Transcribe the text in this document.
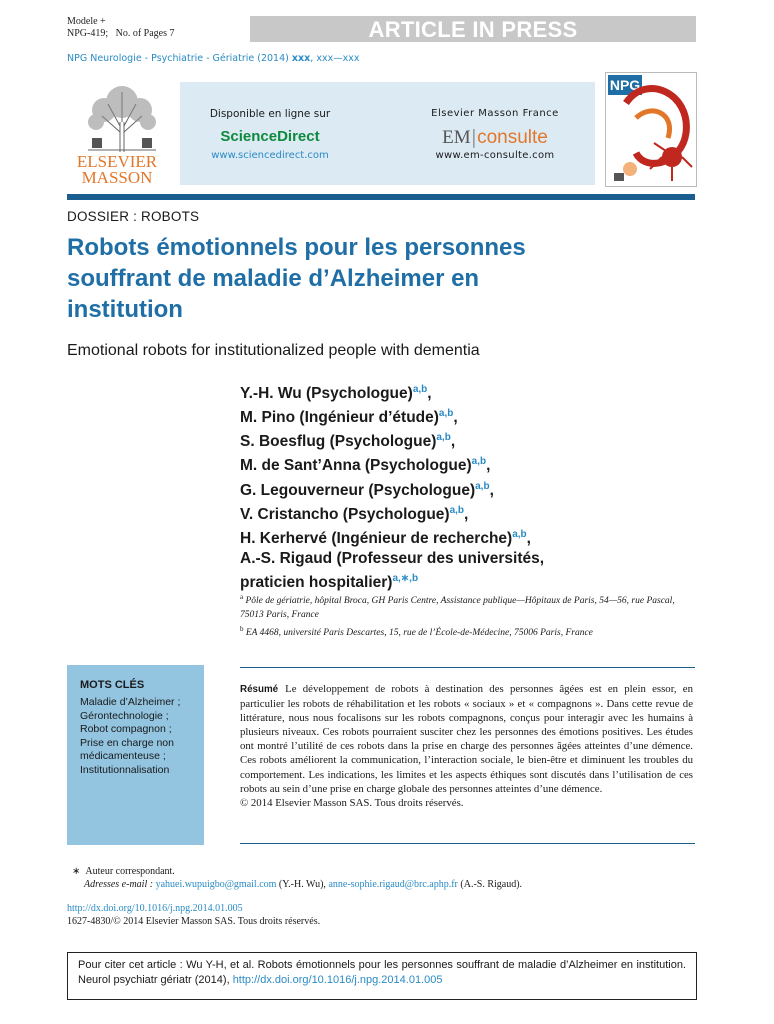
Modele +
NPG-419; No. of Pages 7	ARTICLE IN PRESS
NPG Neurologie - Psychiatrie - Gériatrie (2014) xxx, xxx—xxx
ELSEVIER
MASSON
Disponible en ligne sur
ScienceDirect
www.sciencedirect.com
Elsevier Masson France
EM|consulte
www.em-consulte.com
NPG
DOSSIER : ROBOTS
Robots émotionnels pour les personnes souffrant de maladie d’Alzheimer en institution
Emotional robots for institutionalized people with dementia
Y.-H. Wu (Psychologue)$^{a,b}$,
M. Pino (Ingénieur d’étude)$^{a,b}$,
S. Boesflug (Psychologue)$^{a,b}$,
M. de Sant’Anna (Psychologue)$^{a,b}$,
G. Legouverneur (Psychologue)$^{a,b}$,
V. Cristancho (Psychologue)$^{a,b}$,
H. Kerhervé (Ingénieur de recherche)$^{a,b}$,
A.-S. Rigaud (Professeur des universités, praticien hospitalier)$^{a,∗,b}$
$^a$ Pôle de gériatrie, hôpital Broca, GH Paris Centre, Assistance publique—Hôpitaux de Paris, 54—56, rue Pascal, 75013 Paris, France
$^b$ EA 4468, université Paris Descartes, 15, rue de l’École-de-Médecine, 75006 Paris, France
MOTS CLÉS
Maladie d’Alzheimer ;
Gérontechnologie ;
Robot compagnon ;
Prise en charge non médicamenteuse ;
Institutionnalisation
Résumé Le développement de robots à destination des personnes âgées est en plein essor, en particulier les robots de réhabilitation et les robots « sociaux » et « compagnons ». Dans cette revue de littérature, nous nous focalisons sur les robots compagnons, conçus pour interagir avec les humains à plusieurs niveaux. Ces robots pourraient susciter chez les personnes des émotions positives. Les études ont montré l’utilité de ces robots dans la prise en charge des personnes âgées atteintes d’une démence. Ces robots améliorent la communication, l’interaction sociale, le bien-être et diminuent les troubles du comportement. Les indications, les limites et les aspects éthiques sont discutés dans l’utilisation de ces robots au sein d’une prise en charge globale des personnes atteintes d’une démence.
© 2014 Elsevier Masson SAS. Tous droits réservés.
∗ Auteur correspondant.
Adresses e-mail : yahuei.wupuigbo@gmail.com (Y.-H. Wu), anne-sophie.rigaud@brc.aphp.fr (A.-S. Rigaud).
http://dx.doi.org/10.1016/j.npg.2014.01.005
1627-4830/© 2014 Elsevier Masson SAS. Tous droits réservés.
Pour citer cet article : Wu Y-H, et al. Robots émotionnels pour les personnes souffrant de maladie d’Alzheimer en institution. Neurol psychiatr gériatr (2014), http://dx.doi.org/10.1016/j.npg.2014.01.005
